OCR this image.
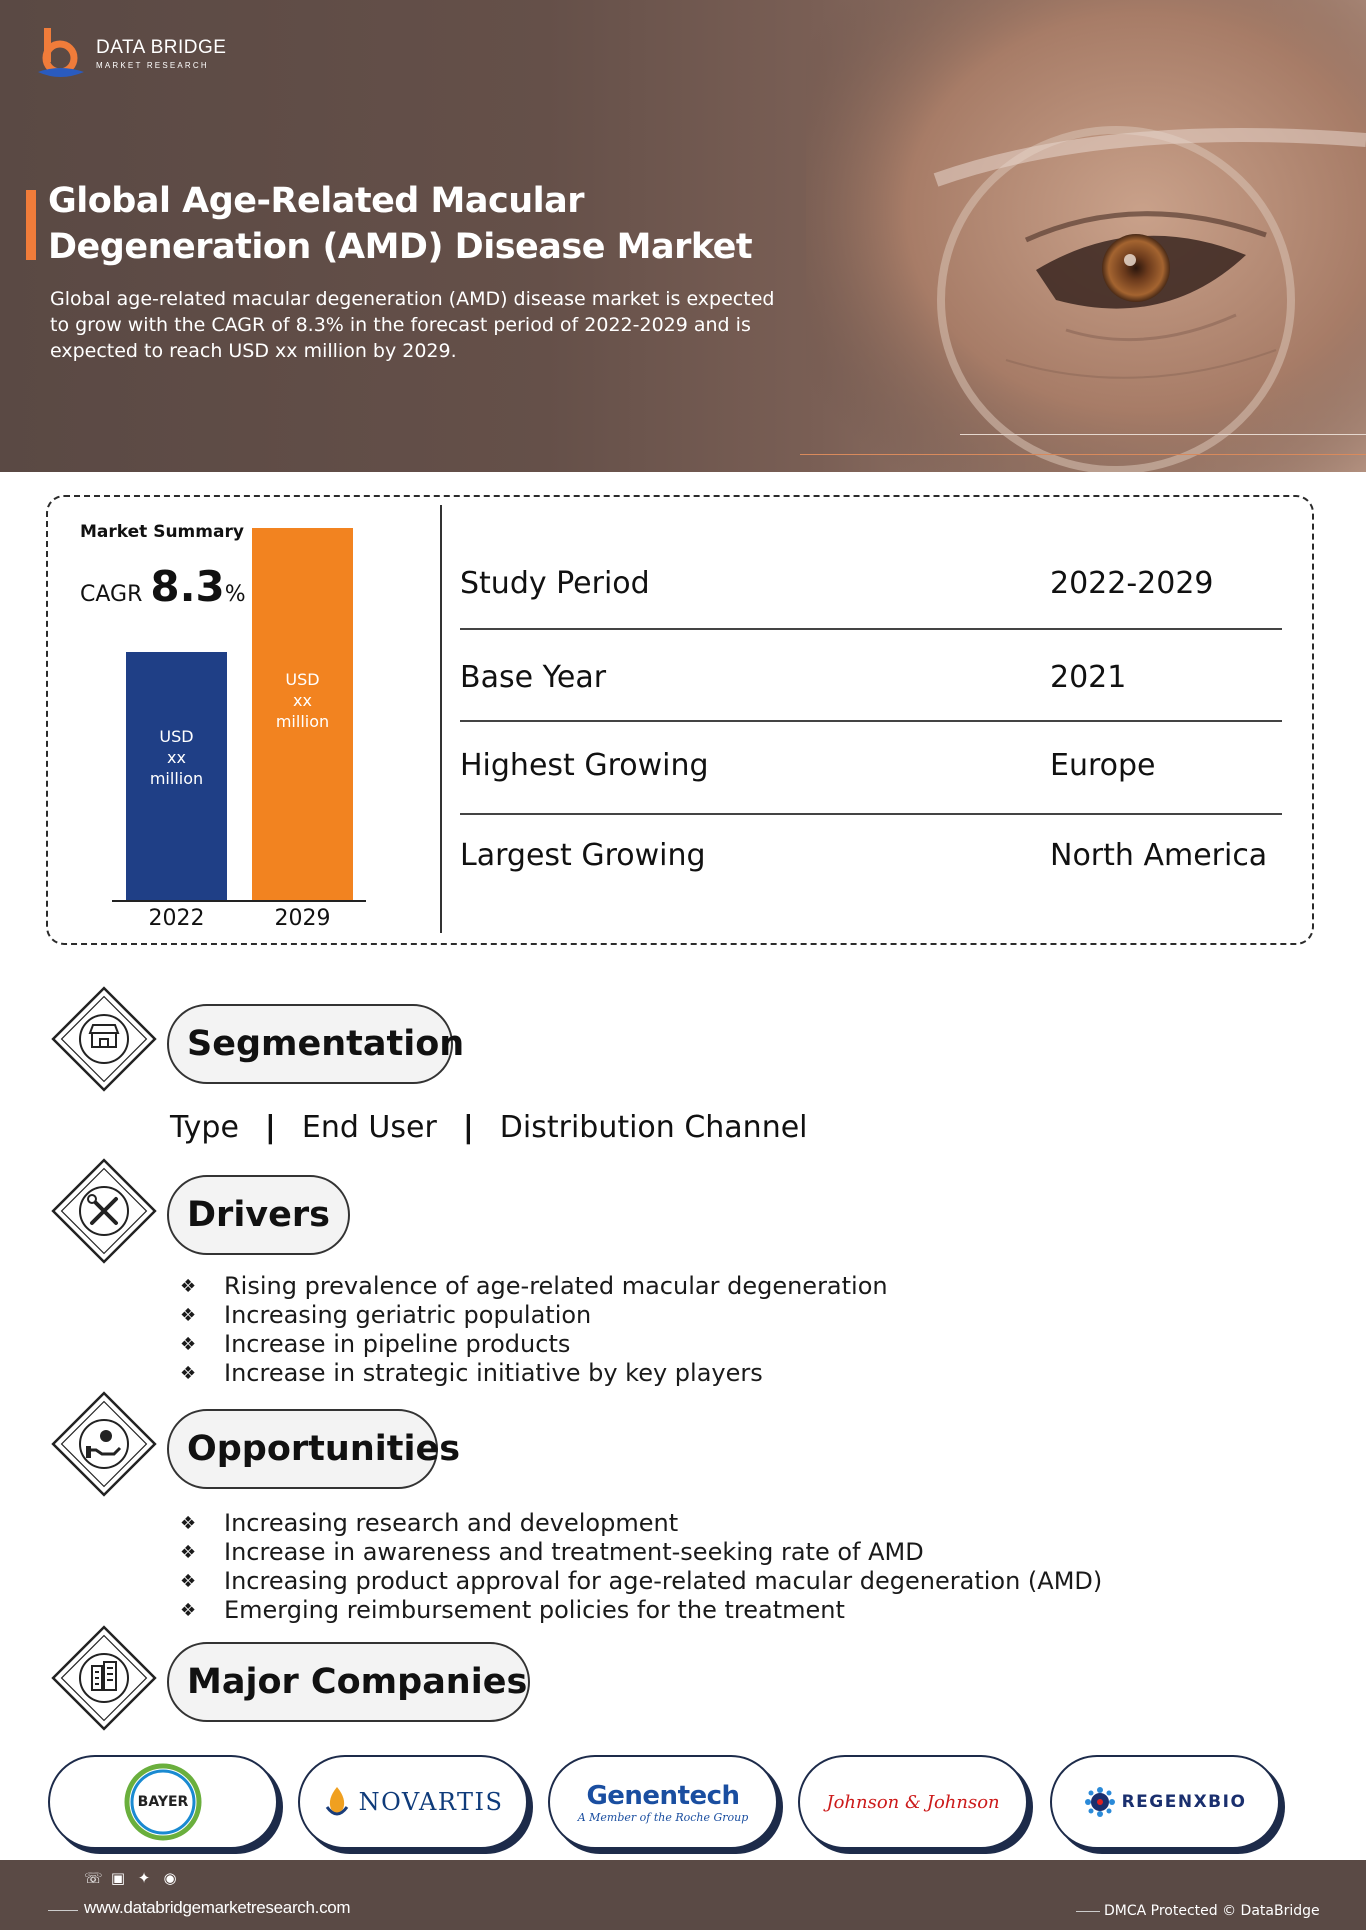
DATA BRIDGE
MARKET RESEARCH
Global Age-Related Macular
Degeneration (AMD) Disease Market

Global age-related macular degeneration (AMD) disease market is expected to grow with the CAGR of 8.3% in the forecast period of 2022-2029 and is expected to reach USD xx million by 2029.

Market Summary
CAGR 8.3 %
USD
xx
million
2022
USD
xx
million
2029
Study Period	2022-2029
Base Year	2021
Highest Growing	Europe
Largest Growing	North America
Segmentation
Type | End User | Distribution Channel
Drivers
❖ Rising prevalence of age-related macular degeneration
❖ Increasing geriatric population
❖ Increase in pipeline products
❖ Increase in strategic initiative by key players
Opportunities
❖ Increasing research and development
❖ Increase in awareness and treatment-seeking rate of AMD
❖ Increasing product approval for age-related macular degeneration (AMD)
❖ Emerging reimbursement policies for the treatment
Major Companies
BAYER	NOVARTIS	Genentech
A Member of the Roche Group
Johnson & Johnson	REGENXBIO
☏ ▣ ✦ ◉
www.databridgemarketresearch.com	DMCA Protected © DataBridge
